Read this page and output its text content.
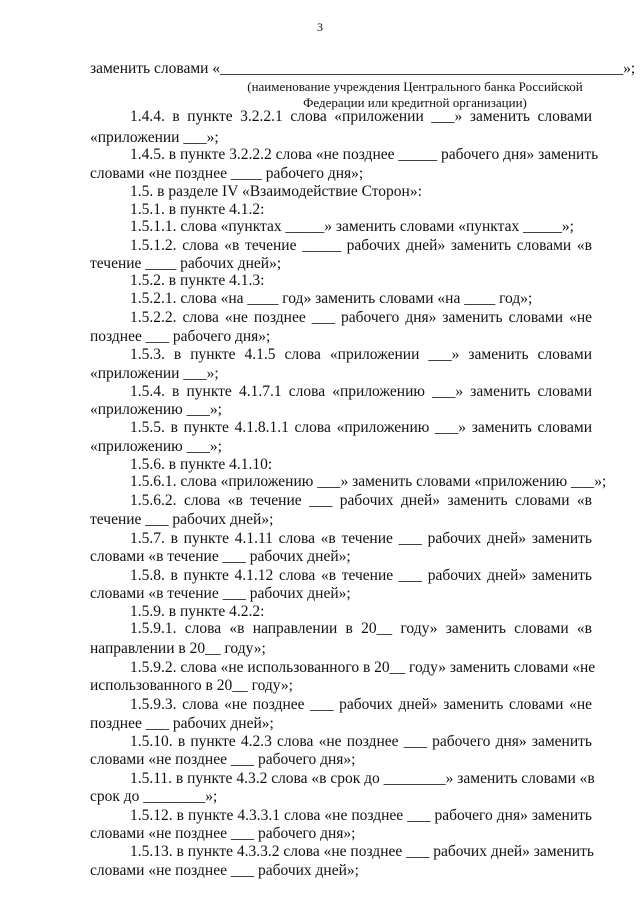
3
заменить словами «____________________________________________________»;
(наименование учреждения Центрального банка Российской
Федерации или кредитной организации)
1.4.4. в пункте 3.2.2.1 слова «приложении ___» заменить словами
«приложении ___»;
1.4.5. в пункте 3.2.2.2 слова «не позднее _____ рабочего дня» заменить
словами «не позднее ____ рабочего дня»;
1.5. в разделе IV «Взаимодействие Сторон»:
1.5.1. в пункте 4.1.2:
1.5.1.1. слова «пунктах _____» заменить словами «пунктах _____»;
1.5.1.2. слова «в течение _____ рабочих дней» заменить словами «в
течение ____ рабочих дней»;
1.5.2. в пункте 4.1.3:
1.5.2.1. слова «на ____ год» заменить словами «на ____ год»;
1.5.2.2. слова «не позднее ___ рабочего дня» заменить словами «не
позднее ___ рабочего дня»;
1.5.3. в пункте 4.1.5 слова «приложении ___» заменить словами
«приложении ___»;
1.5.4. в пункте 4.1.7.1 слова «приложению ___» заменить словами
«приложению ___»;
1.5.5. в пункте 4.1.8.1.1 слова «приложению ___» заменить словами
«приложению ___»;
1.5.6. в пункте 4.1.10:
1.5.6.1. слова «приложению ___» заменить словами «приложению ___»;
1.5.6.2. слова «в течение ___ рабочих дней» заменить словами «в
течение ___ рабочих дней»;
1.5.7. в пункте 4.1.11 слова «в течение ___ рабочих дней» заменить
словами «в течение ___ рабочих дней»;
1.5.8. в пункте 4.1.12 слова «в течение ___ рабочих дней» заменить
словами «в течение ___ рабочих дней»;
1.5.9. в пункте 4.2.2:
1.5.9.1. слова «в направлении в 20__ году» заменить словами «в
направлении в 20__ году»;
1.5.9.2. слова «не использованного в 20__ году» заменить словами «не
использованного в 20__ году»;
1.5.9.3. слова «не позднее ___ рабочих дней» заменить словами «не
позднее ___ рабочих дней»;
1.5.10. в пункте 4.2.3 слова «не позднее ___ рабочего дня» заменить
словами «не позднее ___ рабочего дня»;
1.5.11. в пункте 4.3.2 слова «в срок до ________» заменить словами «в
срок до ________»;
1.5.12. в пункте 4.3.3.1 слова «не позднее ___ рабочего дня» заменить
словами «не позднее ___ рабочего дня»;
1.5.13. в пункте 4.3.3.2 слова «не позднее ___ рабочих дней» заменить
словами «не позднее ___ рабочих дней»;
